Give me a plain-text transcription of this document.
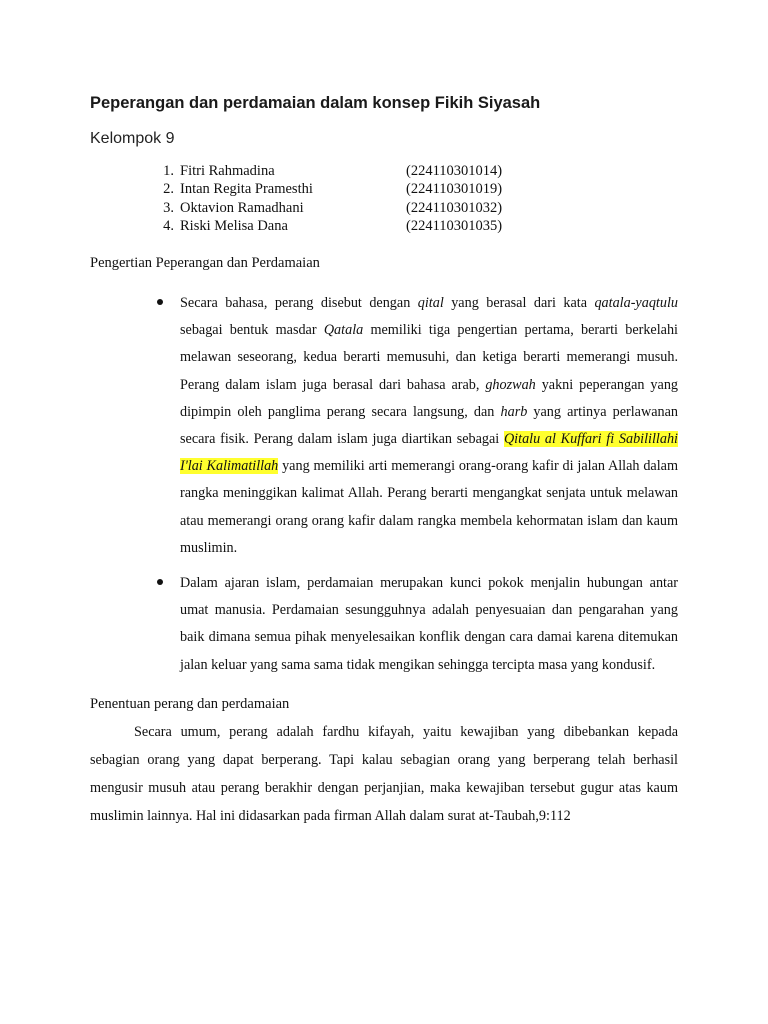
Peperangan dan perdamaian dalam konsep Fikih Siyasah
Kelompok 9
1. Fitri Rahmadina	(224110301014)
2. Intan Regita Pramesthi	(224110301019)
3. Oktavion Ramadhani	(224110301032)
4. Riski Melisa Dana	(224110301035)
Pengertian Peperangan dan Perdamaian

Secara bahasa, perang disebut dengan qital yang berasal dari kata qatala-yaqtulu sebagai bentuk masdar Qatala memiliki tiga pengertian pertama, berarti berkelahi melawan seseorang, kedua berarti memusuhi, dan ketiga berarti memerangi musuh. Perang dalam islam juga berasal dari bahasa arab, ghozwah yakni peperangan yang dipimpin oleh panglima perang secara langsung, dan harb yang artinya perlawanan secara fisik. Perang dalam islam juga diartikan sebagai Qitalu al Kuffari fi Sabilillahi I'lai Kalimatillah yang memiliki arti memerangi orang-orang kafir di jalan Allah dalam rangka meninggikan kalimat Allah. Perang berarti mengangkat senjata untuk melawan atau memerangi orang orang kafir dalam rangka membela kehormatan islam dan kaum muslimin.

Dalam ajaran islam, perdamaian merupakan kunci pokok menjalin hubungan antar umat manusia. Perdamaian sesungguhnya adalah penyesuaian dan pengarahan yang baik dimana semua pihak menyelesaikan konflik dengan cara damai karena ditemukan jalan keluar yang sama sama tidak mengikan sehingga tercipta masa yang kondusif.

Penentuan perang dan perdamaian

Secara umum, perang adalah fardhu kifayah, yaitu kewajiban yang dibebankan kepada sebagian orang yang dapat berperang. Tapi kalau sebagian orang yang berperang telah berhasil mengusir musuh atau perang berakhir dengan perjanjian, maka kewajiban tersebut gugur atas kaum muslimin lainnya. Hal ini didasarkan pada firman Allah dalam surat at-Taubah,9:112
